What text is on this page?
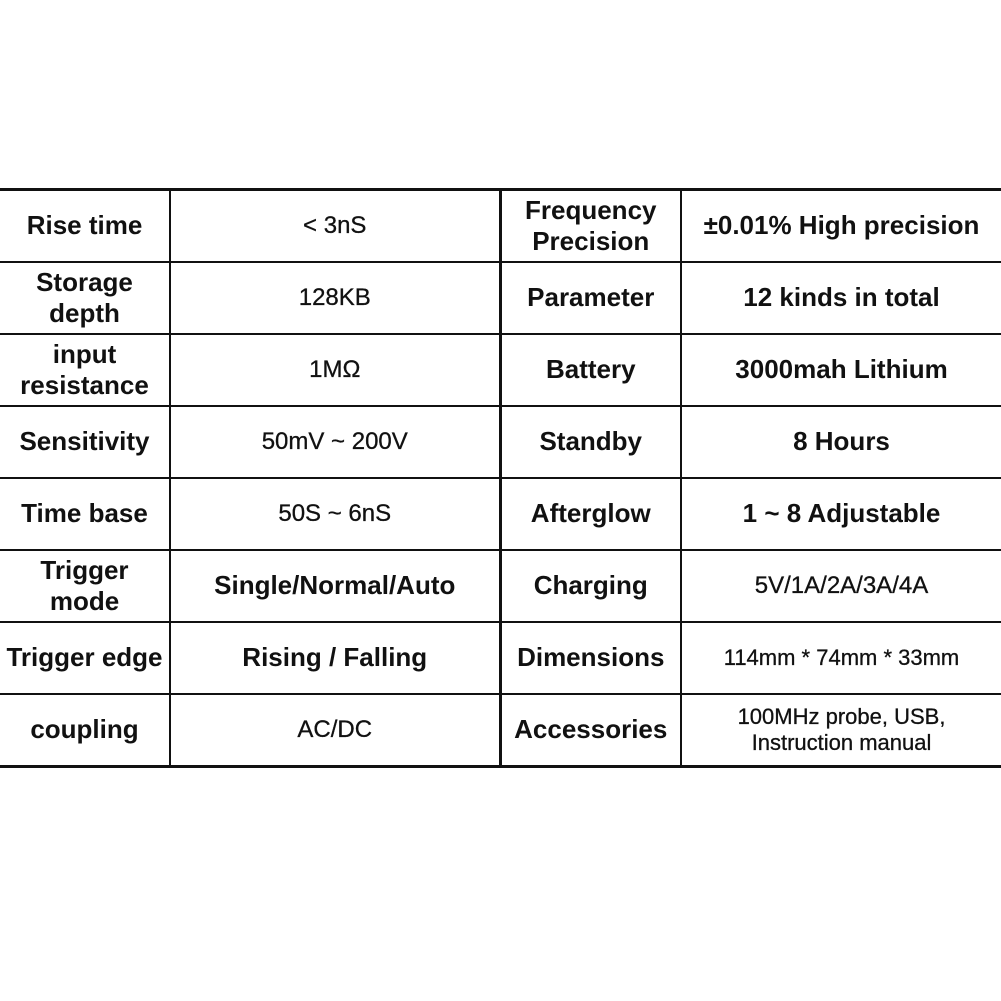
Rise time	< 3nS	Frequency Precision	±0.01% High precision
Storage depth	128KB	Parameter	12 kinds in total
input resistance	1MΩ	Battery	3000mah Lithium
Sensitivity	50mV ~ 200V	Standby	8 Hours
Time base	50S ~ 6nS	Afterglow	1 ~ 8 Adjustable
Trigger mode	Single/Normal/Auto	Charging	5V/1A/2A/3A/4A
Trigger edge	Rising / Falling	Dimensions	114mm * 74mm * 33mm
coupling	AC/DC	Accessories	100MHz probe, USB, Instruction manual
